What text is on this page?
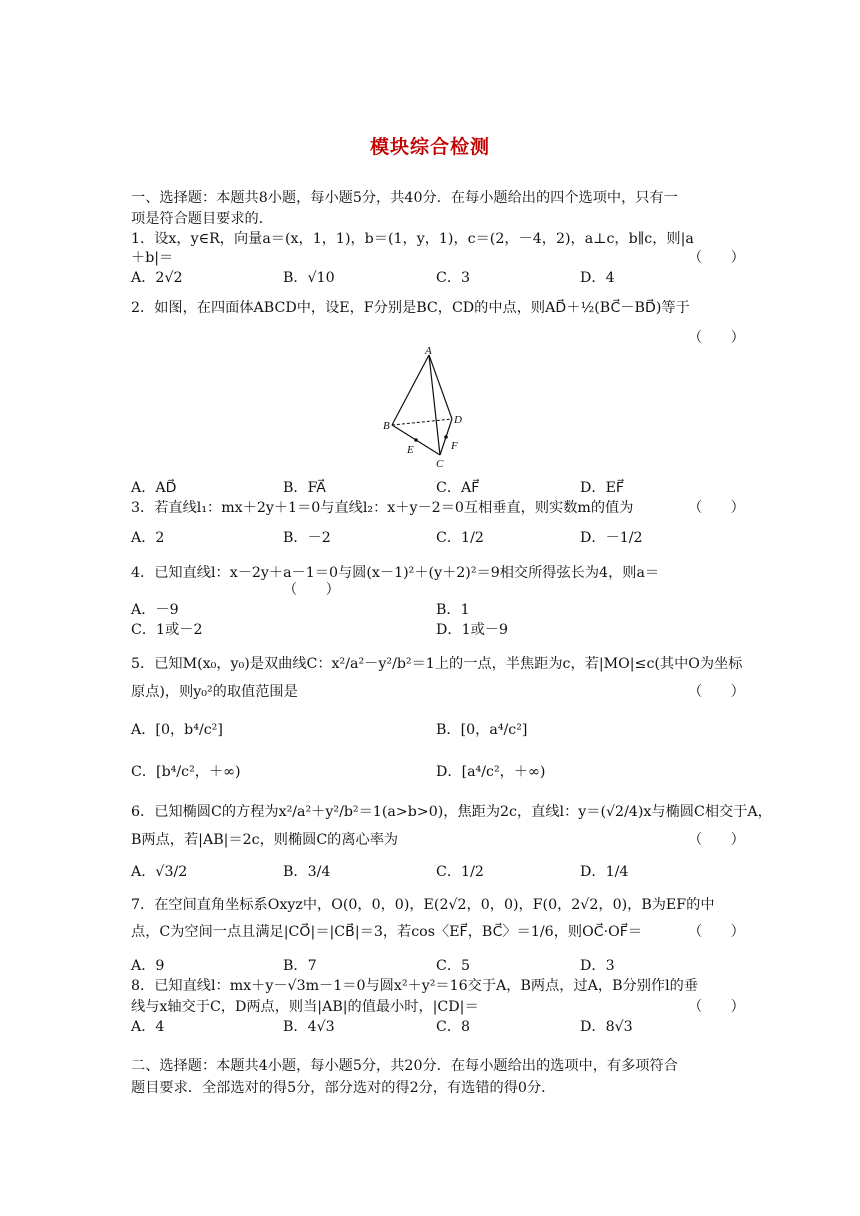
模块综合检测
一、选择题：本题共8小题，每小题5分，共40分．在每小题给出的四个选项中，只有一
项是符合题目要求的．
1．设x，y∈R，向量a＝(x，1，1)，b＝(1，y，1)，c＝(2，－4，2)，a⊥c，b∥c，则|a
＋b|＝	（　　）
A．2√2	B．√10	C．3	D．4
2．如图，在四面体ABCD中，设E，F分别是BC，CD的中点，则AD⃗＋½(BC⃗－BD⃗)等于
（　　）
A
B	D
E	F
C
A．AD⃗	B．FA⃗	C．AF⃗	D．EF⃗
3．若直线l₁：mx＋2y＋1＝0与直线l₂：x＋y－2＝0互相垂直，则实数m的值为	（　　）
A．2	B．－2	C．1/2	D．－1/2
4．已知直线l：x－2y＋a－1＝0与圆(x－1)²＋(y＋2)²＝9相交所得弦长为4，则a＝
（　　）
A．－9	B．1
C．1或－2	D．1或－9
5．已知M(x₀，y₀)是双曲线C：x²/a²－y²/b²＝1上的一点，半焦距为c，若|MO|≤c(其中O为坐标
原点)，则y₀²的取值范围是	（　　）
A．[0，b⁴/c²]	B．[0，a⁴/c²]
C．[b⁴/c²，＋∞)	D．[a⁴/c²，＋∞)
6．已知椭圆C的方程为x²/a²＋y²/b²＝1(a>b>0)，焦距为2c，直线l：y＝(√2/4)x与椭圆C相交于A，
B两点，若|AB|＝2c，则椭圆C的离心率为	（　　）
A．√3/2	B．3/4	C．1/2	D．1/4
7．在空间直角坐标系Oxyz中，O(0，0，0)，E(2√2，0，0)，F(0，2√2，0)，B为EF的中
点，C为空间一点且满足|CO⃗|＝|CB⃗|＝3，若cos〈EF⃗，BC⃗〉＝1/6，则OC⃗·OF⃗＝	（　　）
A．9	B．7	C．5	D．3
8．已知直线l：mx＋y－√3m－1＝0与圆x²＋y²＝16交于A，B两点，过A，B分别作l的垂
线与x轴交于C，D两点，则当|AB|的值最小时，|CD|＝	（　　）
A．4	B．4√3	C．8	D．8√3
二、选择题：本题共4小题，每小题5分，共20分．在每小题给出的选项中，有多项符合
题目要求．全部选对的得5分，部分选对的得2分，有选错的得0分．
